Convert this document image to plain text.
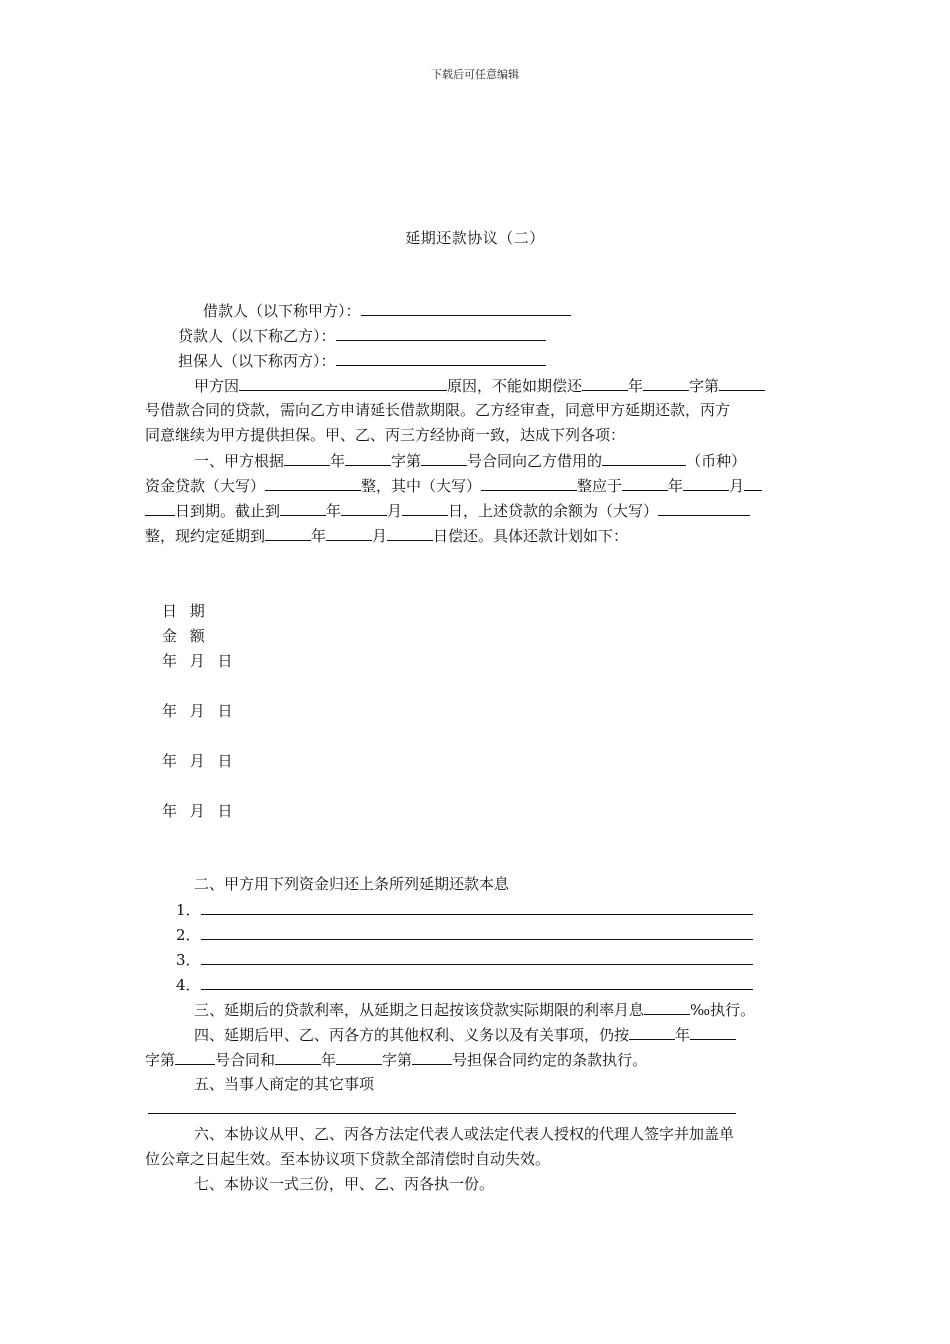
下载后可任意编辑
延期还款协议（二）
借款人（以下称甲方）：
贷款人（以下称乙方）：
担保人（以下称丙方）：
甲方因	原因，不能如期偿还	年	字第
号借款合同的贷款，需向乙方申请延长借款期限。乙方经审查，同意甲方延期还款，丙方
同意继续为甲方提供担保。甲、乙、丙三方经协商一致，达成下列各项：
一、甲方根据	年	字第	号合同向乙方借用的	（币种）
资金贷款（大写）	整，其中（大写）	整应于	年	月
日到期。截止到	年	月	日，上述贷款的余额为（大写）
整，现约定延期到	年	月	日偿还。具体还款计划如下：
日 期
金 额
年 月 日
年 月 日
年 月 日
年 月 日
二、甲方用下列资金归还上条所列延期还款本息
1．
2．
3．
4．
三、延期后的贷款利率，从延期之日起按该贷款实际期限的利率月息	‰执行。
四、延期后甲、乙、丙各方的其他权利、义务以及有关事项，仍按	年
字第	号合同和	年	字第	号担保合同约定的条款执行。
五、当事人商定的其它事项
六、本协议从甲、乙、丙各方法定代表人或法定代表人授权的代理人签字并加盖单
位公章之日起生效。至本协议项下贷款全部清偿时自动失效。
七、本协议一式三份，甲、乙、丙各执一份。
